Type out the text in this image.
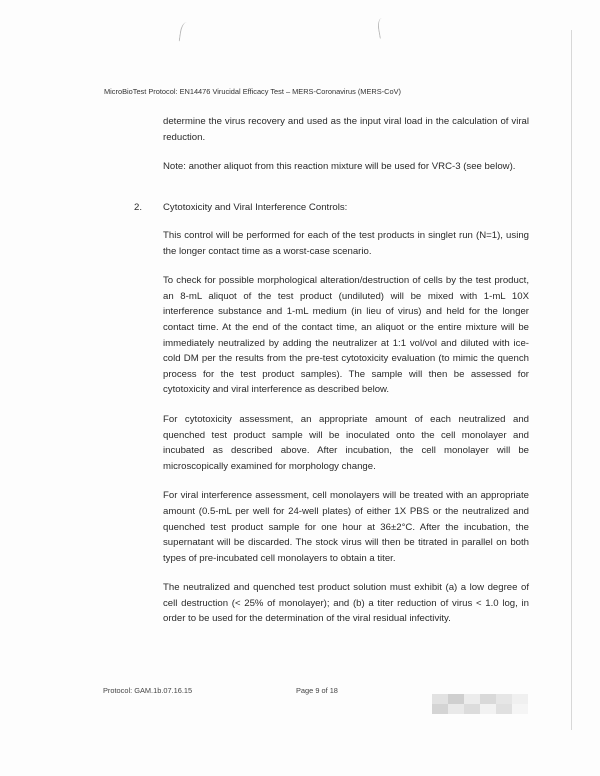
MicroBioTest Protocol: EN14476 Virucidal Efficacy Test – MERS-Coronavirus (MERS-CoV)

determine the virus recovery and used as the input viral load in the calculation of viral reduction.

Note: another aliquot from this reaction mixture will be used for VRC-3 (see below).

2. Cytotoxicity and Viral Interference Controls:

This control will be performed for each of the test products in singlet run (N=1), using the longer contact time as a worst-case scenario.

To check for possible morphological alteration/destruction of cells by the test product, an 8-mL aliquot of the test product (undiluted) will be mixed with 1-mL 10X interference substance and 1-mL medium (in lieu of virus) and held for the longer contact time. At the end of the contact time, an aliquot or the entire mixture will be immediately neutralized by adding the neutralizer at 1:1 vol/vol and diluted with ice-cold DM per the results from the pre-test cytotoxicity evaluation (to mimic the quench process for the test product samples). The sample will then be assessed for cytotoxicity and viral interference as described below.

For cytotoxicity assessment, an appropriate amount of each neutralized and quenched test product sample will be inoculated onto the cell monolayer and incubated as described above. After incubation, the cell monolayer will be microscopically examined for morphology change.

For viral interference assessment, cell monolayers will be treated with an appropriate amount (0.5-mL per well for 24-well plates) of either 1X PBS or the neutralized and quenched test product sample for one hour at 36±2°C. After the incubation, the supernatant will be discarded. The stock virus will then be titrated in parallel on both types of pre-incubated cell monolayers to obtain a titer.

The neutralized and quenched test product solution must exhibit (a) a low degree of cell destruction (< 25% of monolayer); and (b) a titer reduction of virus < 1.0 log, in order to be used for the determination of the viral residual infectivity.

Protocol: GAM.1b.07.16.15	Page 9 of 18
